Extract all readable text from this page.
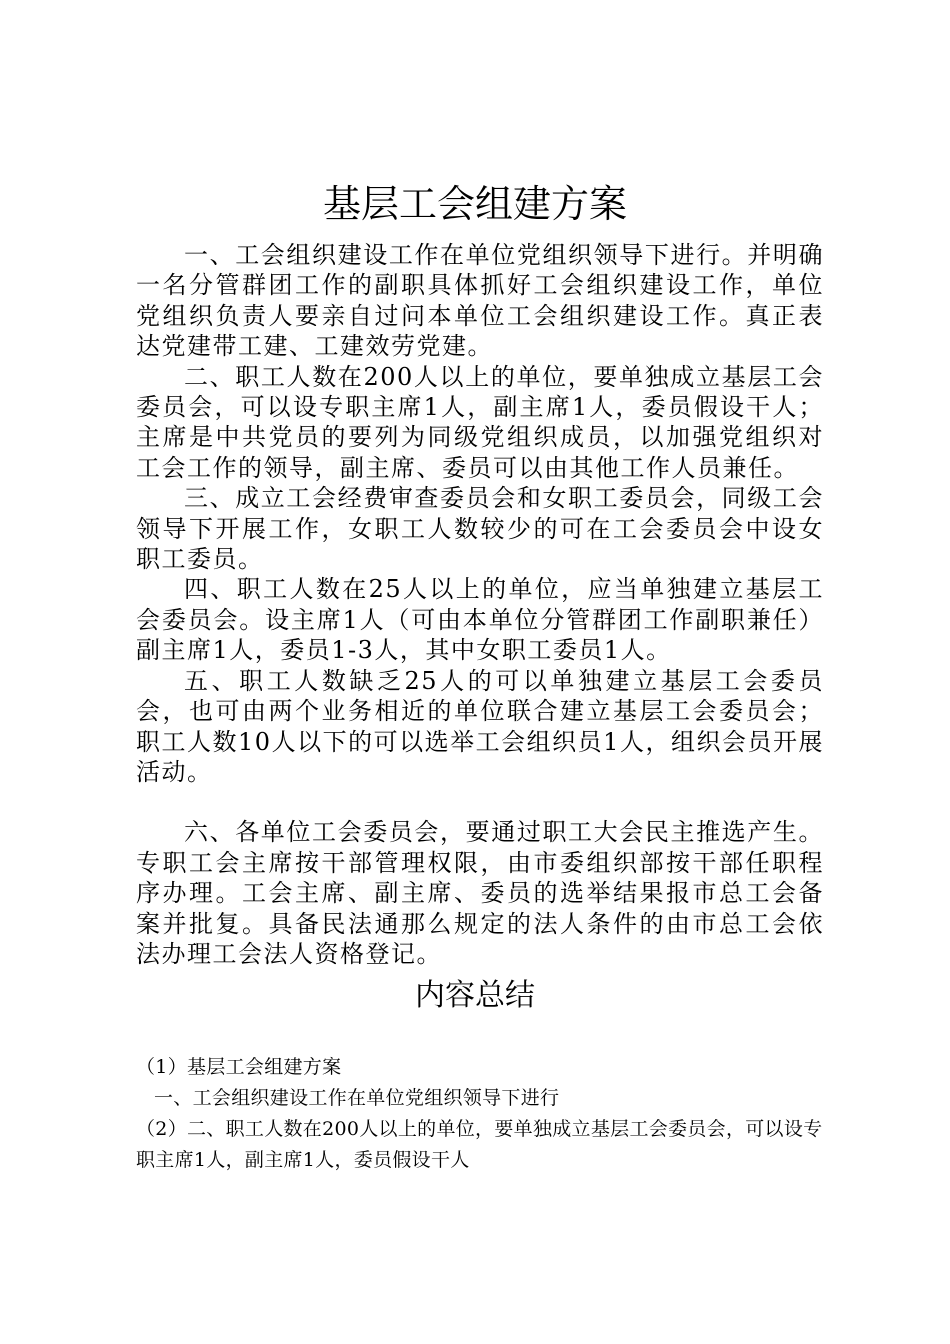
基层工会组建方案

一、工会组织建设工作在单位党组织领导下进行。并明确一名分管群团工作的副职具体抓好工会组织建设工作，单位党组织负责人要亲自过问本单位工会组织建设工作。真正表达党建带工建、工建效劳党建。

二、职工人数在200人以上的单位，要单独成立基层工会委员会，可以设专职主席1人，副主席1人，委员假设干人；主席是中共党员的要列为同级党组织成员，以加强党组织对工会工作的领导，副主席、委员可以由其他工作人员兼任。

三、成立工会经费审查委员会和女职工委员会，同级工会领导下开展工作，女职工人数较少的可在工会委员会中设女职工委员。

四、职工人数在25人以上的单位，应当单独建立基层工会委员会。设主席1人（可由本单位分管群团工作副职兼任）副主席1人，委员1-3人，其中女职工委员1人。

五、职工人数缺乏25人的可以单独建立基层工会委员会，也可由两个业务相近的单位联合建立基层工会委员会；职工人数10人以下的可以选举工会组织员1人，组织会员开展活动。

六、各单位工会委员会，要通过职工大会民主推选产生。专职工会主席按干部管理权限，由市委组织部按干部任职程序办理。工会主席、副主席、委员的选举结果报市总工会备案并批复。具备民法通那么规定的法人条件的由市总工会依法办理工会法人资格登记。

内容总结

（1）基层工会组建方案

一、工会组织建设工作在单位党组织领导下进行

（2）二、职工人数在200人以上的单位，要单独成立基层工会委员会，可以设专职主席1人，副主席1人，委员假设干人
